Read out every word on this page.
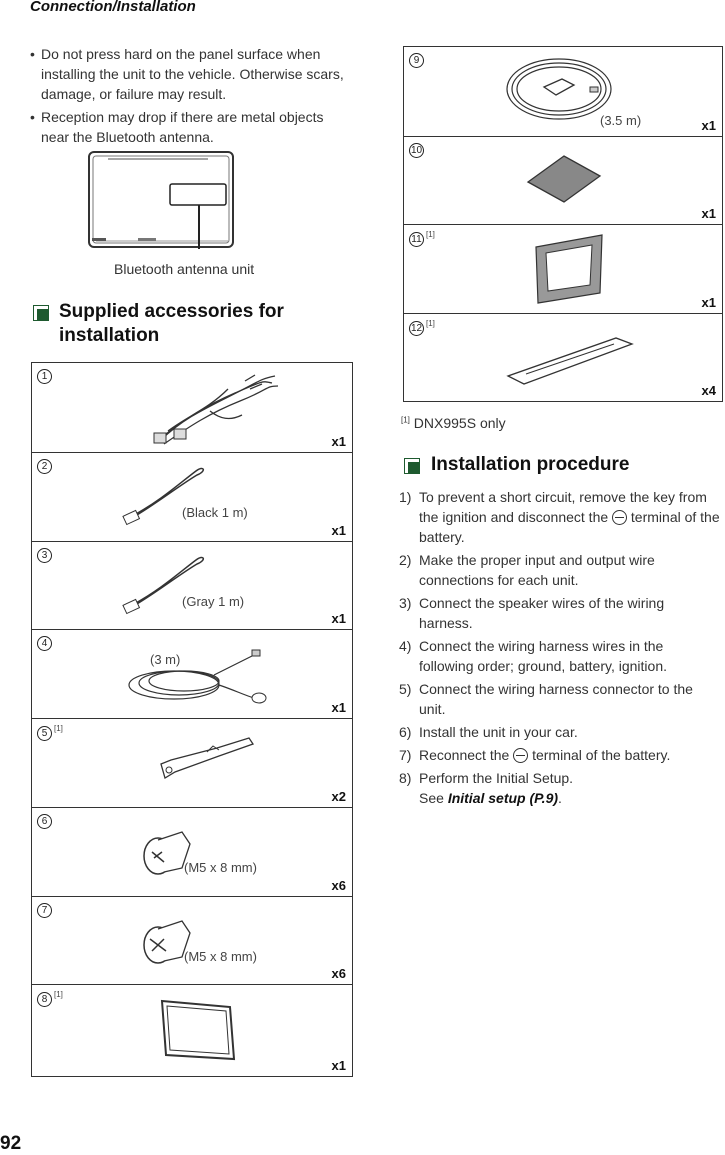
Connection/Installation
• Do not press hard on the panel surface when installing the unit to the vehicle. Otherwise scars, damage, or failure may result.
• Reception may drop if there are metal objects near the Bluetooth antenna.
Bluetooth antenna unit
Supplied accessories for installation
1
x1
2
(Black 1 m)
x1
3
(Gray 1 m)
x1
4
(3 m)
x1
5 [1]
x2
6
(M5 x 8 mm)
x6
7
(M5 x 8 mm)
x6
8 [1]
x1
9
(3.5 m)	x1
10
x1
11 [1]
x1
12 [1]
x4
[1] DNX995S only
Installation procedure
1) To prevent a short circuit, remove the key from the ignition and disconnect the terminal of the battery.
2) Make the proper input and output wire connections for each unit.
3) Connect the speaker wires of the wiring harness.
4) Connect the wiring harness wires in the following order; ground, battery, ignition.
5) Connect the wiring harness connector to the unit.
6) Install the unit in your car.
7) Reconnect the terminal of the battery.
8) Perform the Initial Setup.
See Initial setup (P.9).
92
